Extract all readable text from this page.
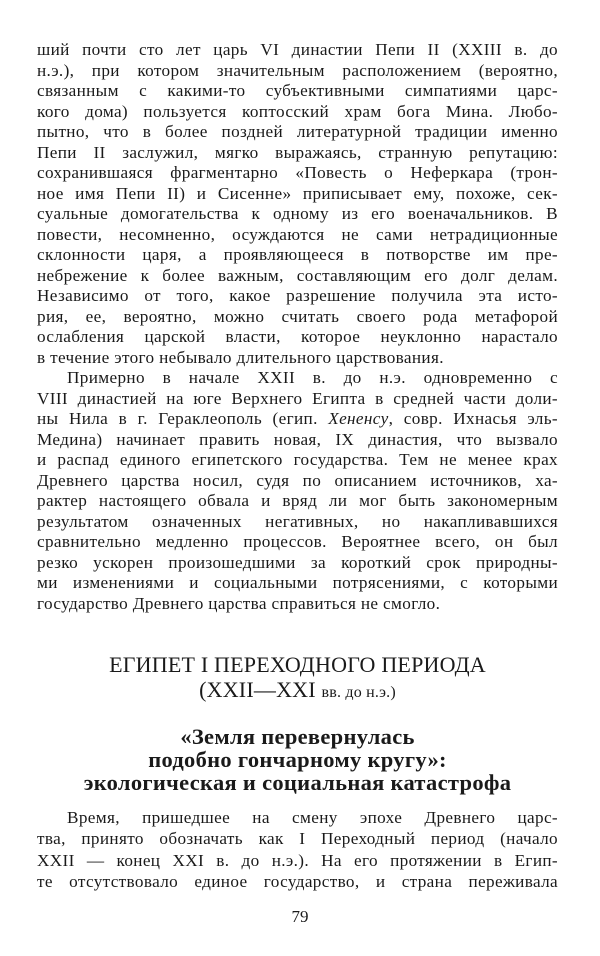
ший почти сто лет царь VI династии Пепи II (XXIII в. до
н.э.), при котором значительным расположением (вероятно,
связанным с какими-то субъективными симпатиями царс-
кого дома) пользуется коптосский храм бога Мина. Любо-
пытно, что в более поздней литературной традиции именно
Пепи II заслужил, мягко выражаясь, странную репутацию:
сохранившаяся фрагментарно «Повесть о Неферкара (трон-
ное имя Пепи II) и Сисенне» приписывает ему, похоже, сек-
суальные домогательства к одному из его военачальников. В
повести, несомненно, осуждаются не сами нетрадиционные
склонности царя, а проявляющееся в потворстве им пре-
небрежение к более важным, составляющим его долг делам.
Независимо от того, какое разрешение получила эта исто-
рия, ее, вероятно, можно считать своего рода метафорой
ослабления царской власти, которое неуклонно нарастало
в течение этого небывало длительного царствования.
Примерно в начале XXII в. до н.э. одновременно с
VIII династией на юге Верхнего Египта в средней части доли-
ны Нила в г. Гераклеополь (егип. Хененсу, совр. Ихнасья эль-
Медина) начинает править новая, IX династия, что вызвало
и распад единого египетского государства. Тем не менее крах
Древнего царства носил, судя по описанием источников, ха-
рактер настоящего обвала и вряд ли мог быть закономерным
результатом означенных негативных, но накапливавшихся
сравнительно медленно процессов. Вероятнее всего, он был
резко ускорен произошедшими за короткий срок природны-
ми изменениями и социальными потрясениями, с которыми
государство Древнего царства справиться не смогло.
ЕГИПЕТ I ПЕРЕХОДНОГО ПЕРИОДА
(XXII—XXI вв. до н.э.)
«Земля перевернулась
подобно гончарному кругу»:
экологическая и социальная катастрофа
Время, пришедшее на смену эпохе Древнего царс-
тва, принято обозначать как I Переходный период (начало
XXII — конец XXI в. до н.э.). На его протяжении в Егип-
те отсутствовало единое государство, и страна переживала
79
